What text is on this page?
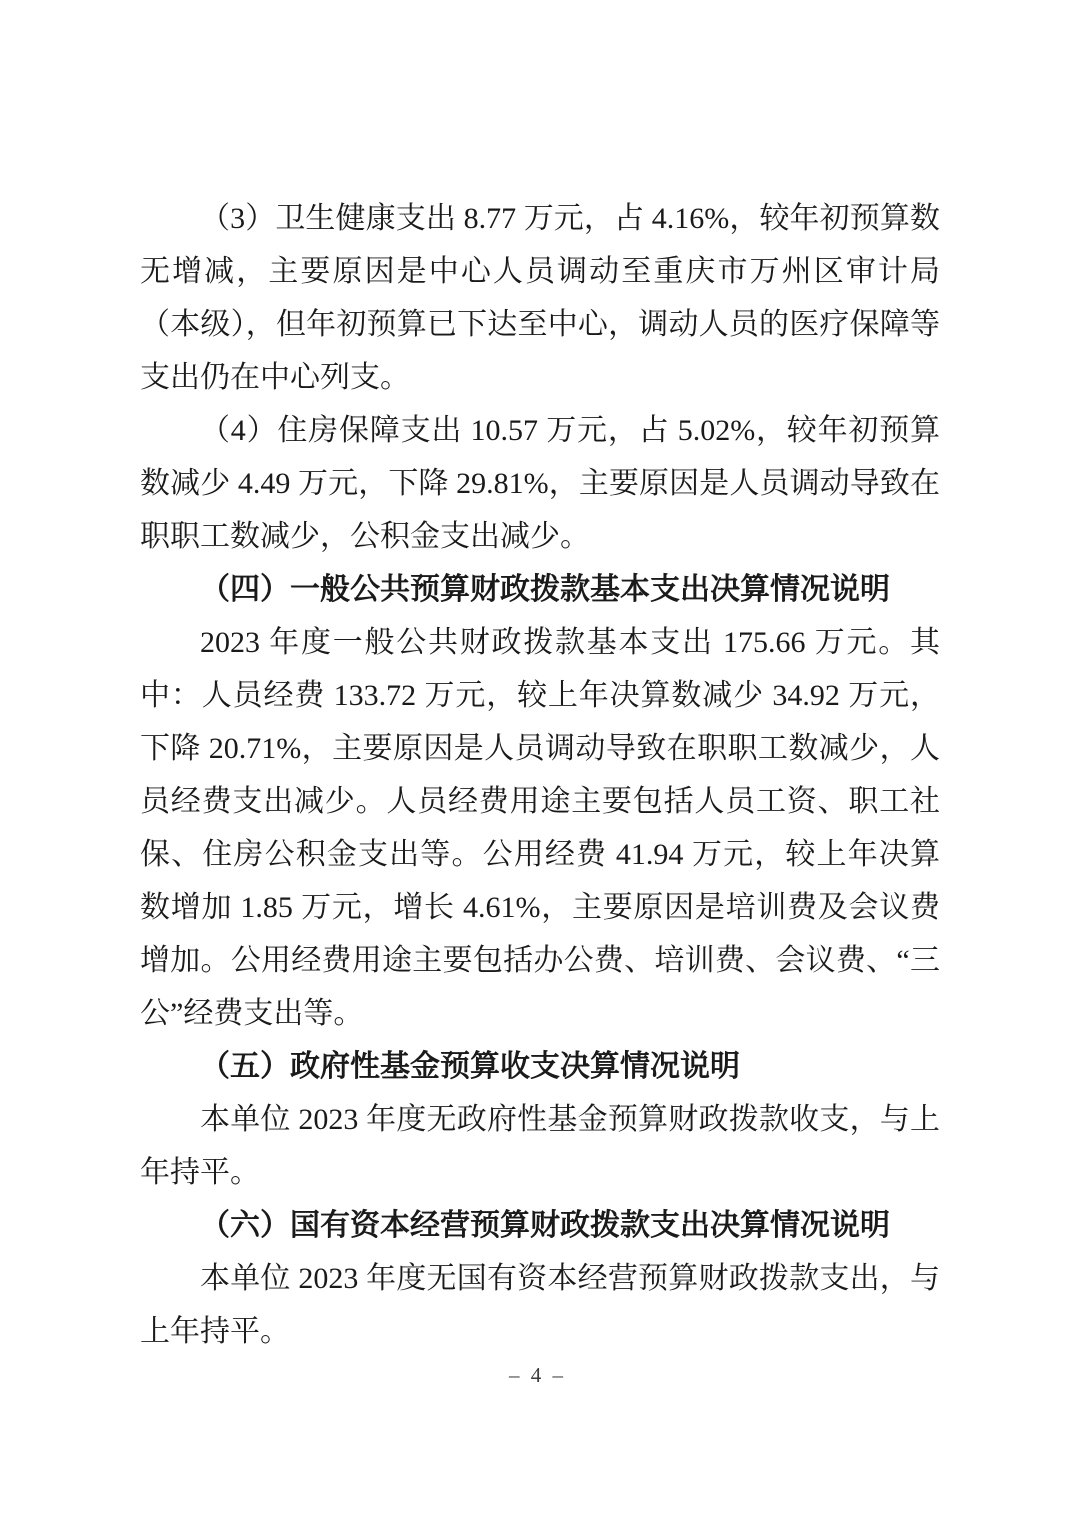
（3）卫生健康支出 8.77 万元，占 4.16%，较年初预算数无增减，主要原因是中心人员调动至重庆市万州区审计局（本级），但年初预算已下达至中心，调动人员的医疗保障等支出仍在中心列支。

（4）住房保障支出 10.57 万元，占 5.02%，较年初预算数减少 4.49 万元，下降 29.81%，主要原因是人员调动导致在职职工数减少，公积金支出减少。

（四）一般公共预算财政拨款基本支出决算情况说明

2023 年度一般公共财政拨款基本支出 175.66 万元。其中：人员经费 133.72 万元，较上年决算数减少 34.92 万元，下降 20.71%，主要原因是人员调动导致在职职工数减少，人员经费支出减少。人员经费用途主要包括人员工资、职工社保、住房公积金支出等。公用经费 41.94 万元，较上年决算数增加 1.85 万元，增长 4.61%，主要原因是培训费及会议费增加。公用经费用途主要包括办公费、培训费、会议费、“三公”经费支出等。

（五）政府性基金预算收支决算情况说明

本单位 2023 年度无政府性基金预算财政拨款收支，与上年持平。

（六）国有资本经营预算财政拨款支出决算情况说明

本单位 2023 年度无国有资本经营预算财政拨款支出，与上年持平。

– 4 –
